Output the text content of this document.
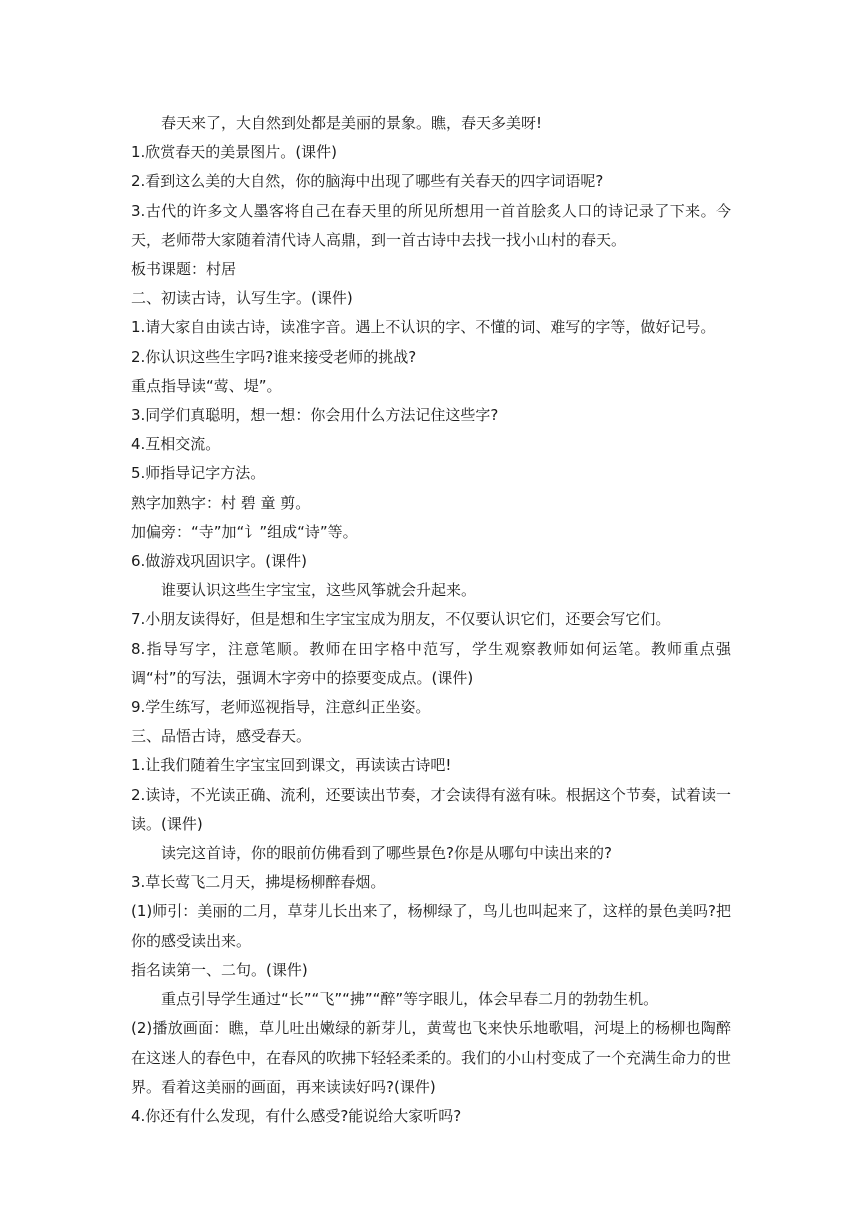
春天来了，大自然到处都是美丽的景象。瞧，春天多美呀!

1.欣赏春天的美景图片。(课件)

2.看到这么美的大自然，你的脑海中出现了哪些有关春天的四字词语呢?

3.古代的许多文人墨客将自己在春天里的所见所想用一首首脍炙人口的诗记录了下来。今天，老师带大家随着清代诗人高鼎，到一首古诗中去找一找小山村的春天。

板书课题：村居

二、初读古诗，认写生字。(课件)

1.请大家自由读古诗，读准字音。遇上不认识的字、不懂的词、难写的字等，做好记号。

2.你认识这些生字吗?谁来接受老师的挑战?

重点指导读“莺、堤”。

3.同学们真聪明，想一想：你会用什么方法记住这些字?

4.互相交流。

5.师指导记字方法。

熟字加熟字：村 碧 童 剪。

加偏旁：“寺”加“讠”组成“诗”等。

6.做游戏巩固识字。(课件)

谁要认识这些生字宝宝，这些风筝就会升起来。

7.小朋友读得好，但是想和生字宝宝成为朋友，不仅要认识它们，还要会写它们。

8.指导写字，注意笔顺。教师在田字格中范写，学生观察教师如何运笔。教师重点强调“村”的写法，强调木字旁中的捺要变成点。(课件)

9.学生练写，老师巡视指导，注意纠正坐姿。

三、品悟古诗，感受春天。

1.让我们随着生字宝宝回到课文，再读读古诗吧!

2.读诗，不光读正确、流利，还要读出节奏，才会读得有滋有味。根据这个节奏，试着读一读。(课件)

读完这首诗，你的眼前仿佛看到了哪些景色?你是从哪句中读出来的?

3.草长莺飞二月天，拂堤杨柳醉春烟。

(1)师引：美丽的二月，草芽儿长出来了，杨柳绿了，鸟儿也叫起来了，这样的景色美吗?把你的感受读出来。

指名读第一、二句。(课件)

重点引导学生通过“长”“飞”“拂”“醉”等字眼儿，体会早春二月的勃勃生机。

(2)播放画面：瞧，草儿吐出嫩绿的新芽儿，黄莺也飞来快乐地歌唱，河堤上的杨柳也陶醉在这迷人的春色中，在春风的吹拂下轻轻柔柔的。我们的小山村变成了一个充满生命力的世界。看着这美丽的画面，再来读读好吗?(课件)

4.你还有什么发现，有什么感受?能说给大家听吗?
